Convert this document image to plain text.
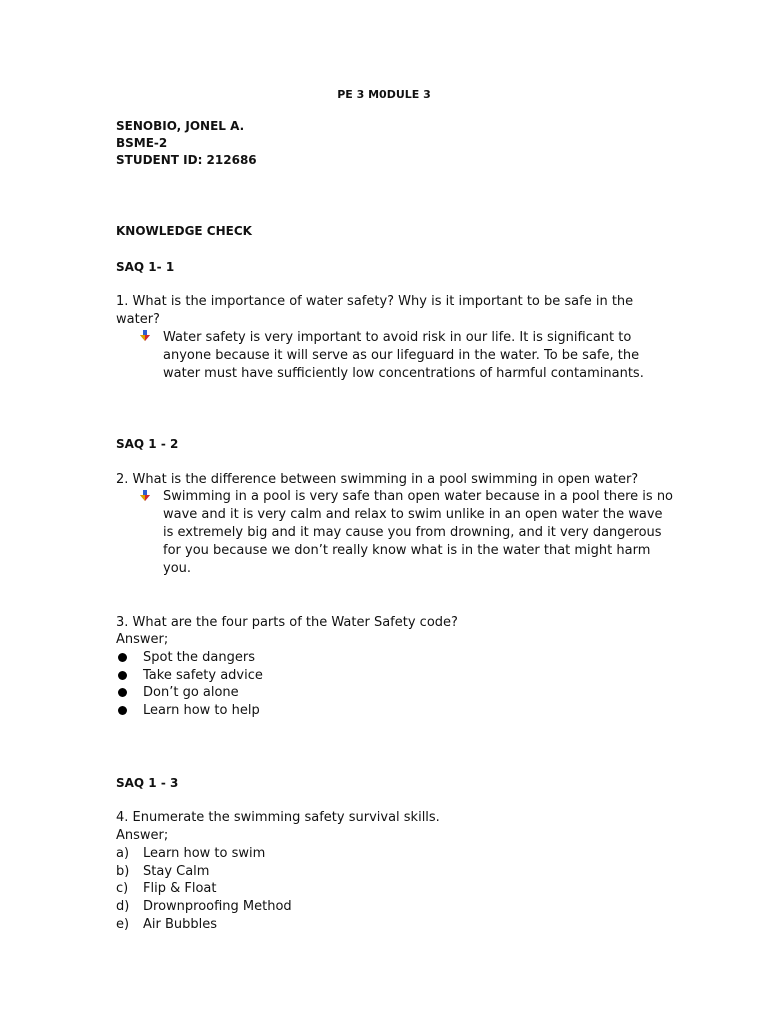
PE 3 M0DULE 3
SENOBIO, JONEL A.
BSME-2
STUDENT ID: 212686
KNOWLEDGE CHECK
SAQ 1- 1
1. What is the importance of water safety? Why is it important to be safe in the
water?
Water safety is very important to avoid risk in our life. It is significant to
anyone because it will serve as our lifeguard in the water. To be safe, the
water must have sufficiently low concentrations of harmful contaminants.
SAQ 1 - 2
2. What is the difference between swimming in a pool swimming in open water?
Swimming in a pool is very safe than open water because in a pool there is no
wave and it is very calm and relax to swim unlike in an open water the wave
is extremely big and it may cause you from drowning, and it very dangerous
for you because we don’t really know what is in the water that might harm
you.
3. What are the four parts of the Water Safety code?
Answer;
Spot the dangers
Take safety advice
Don’t go alone
Learn how to help
SAQ 1 - 3
4. Enumerate the swimming safety survival skills.
Answer;
a) Learn how to swim
b) Stay Calm
c) Flip & Float
d) Drownproofing Method
e) Air Bubbles
